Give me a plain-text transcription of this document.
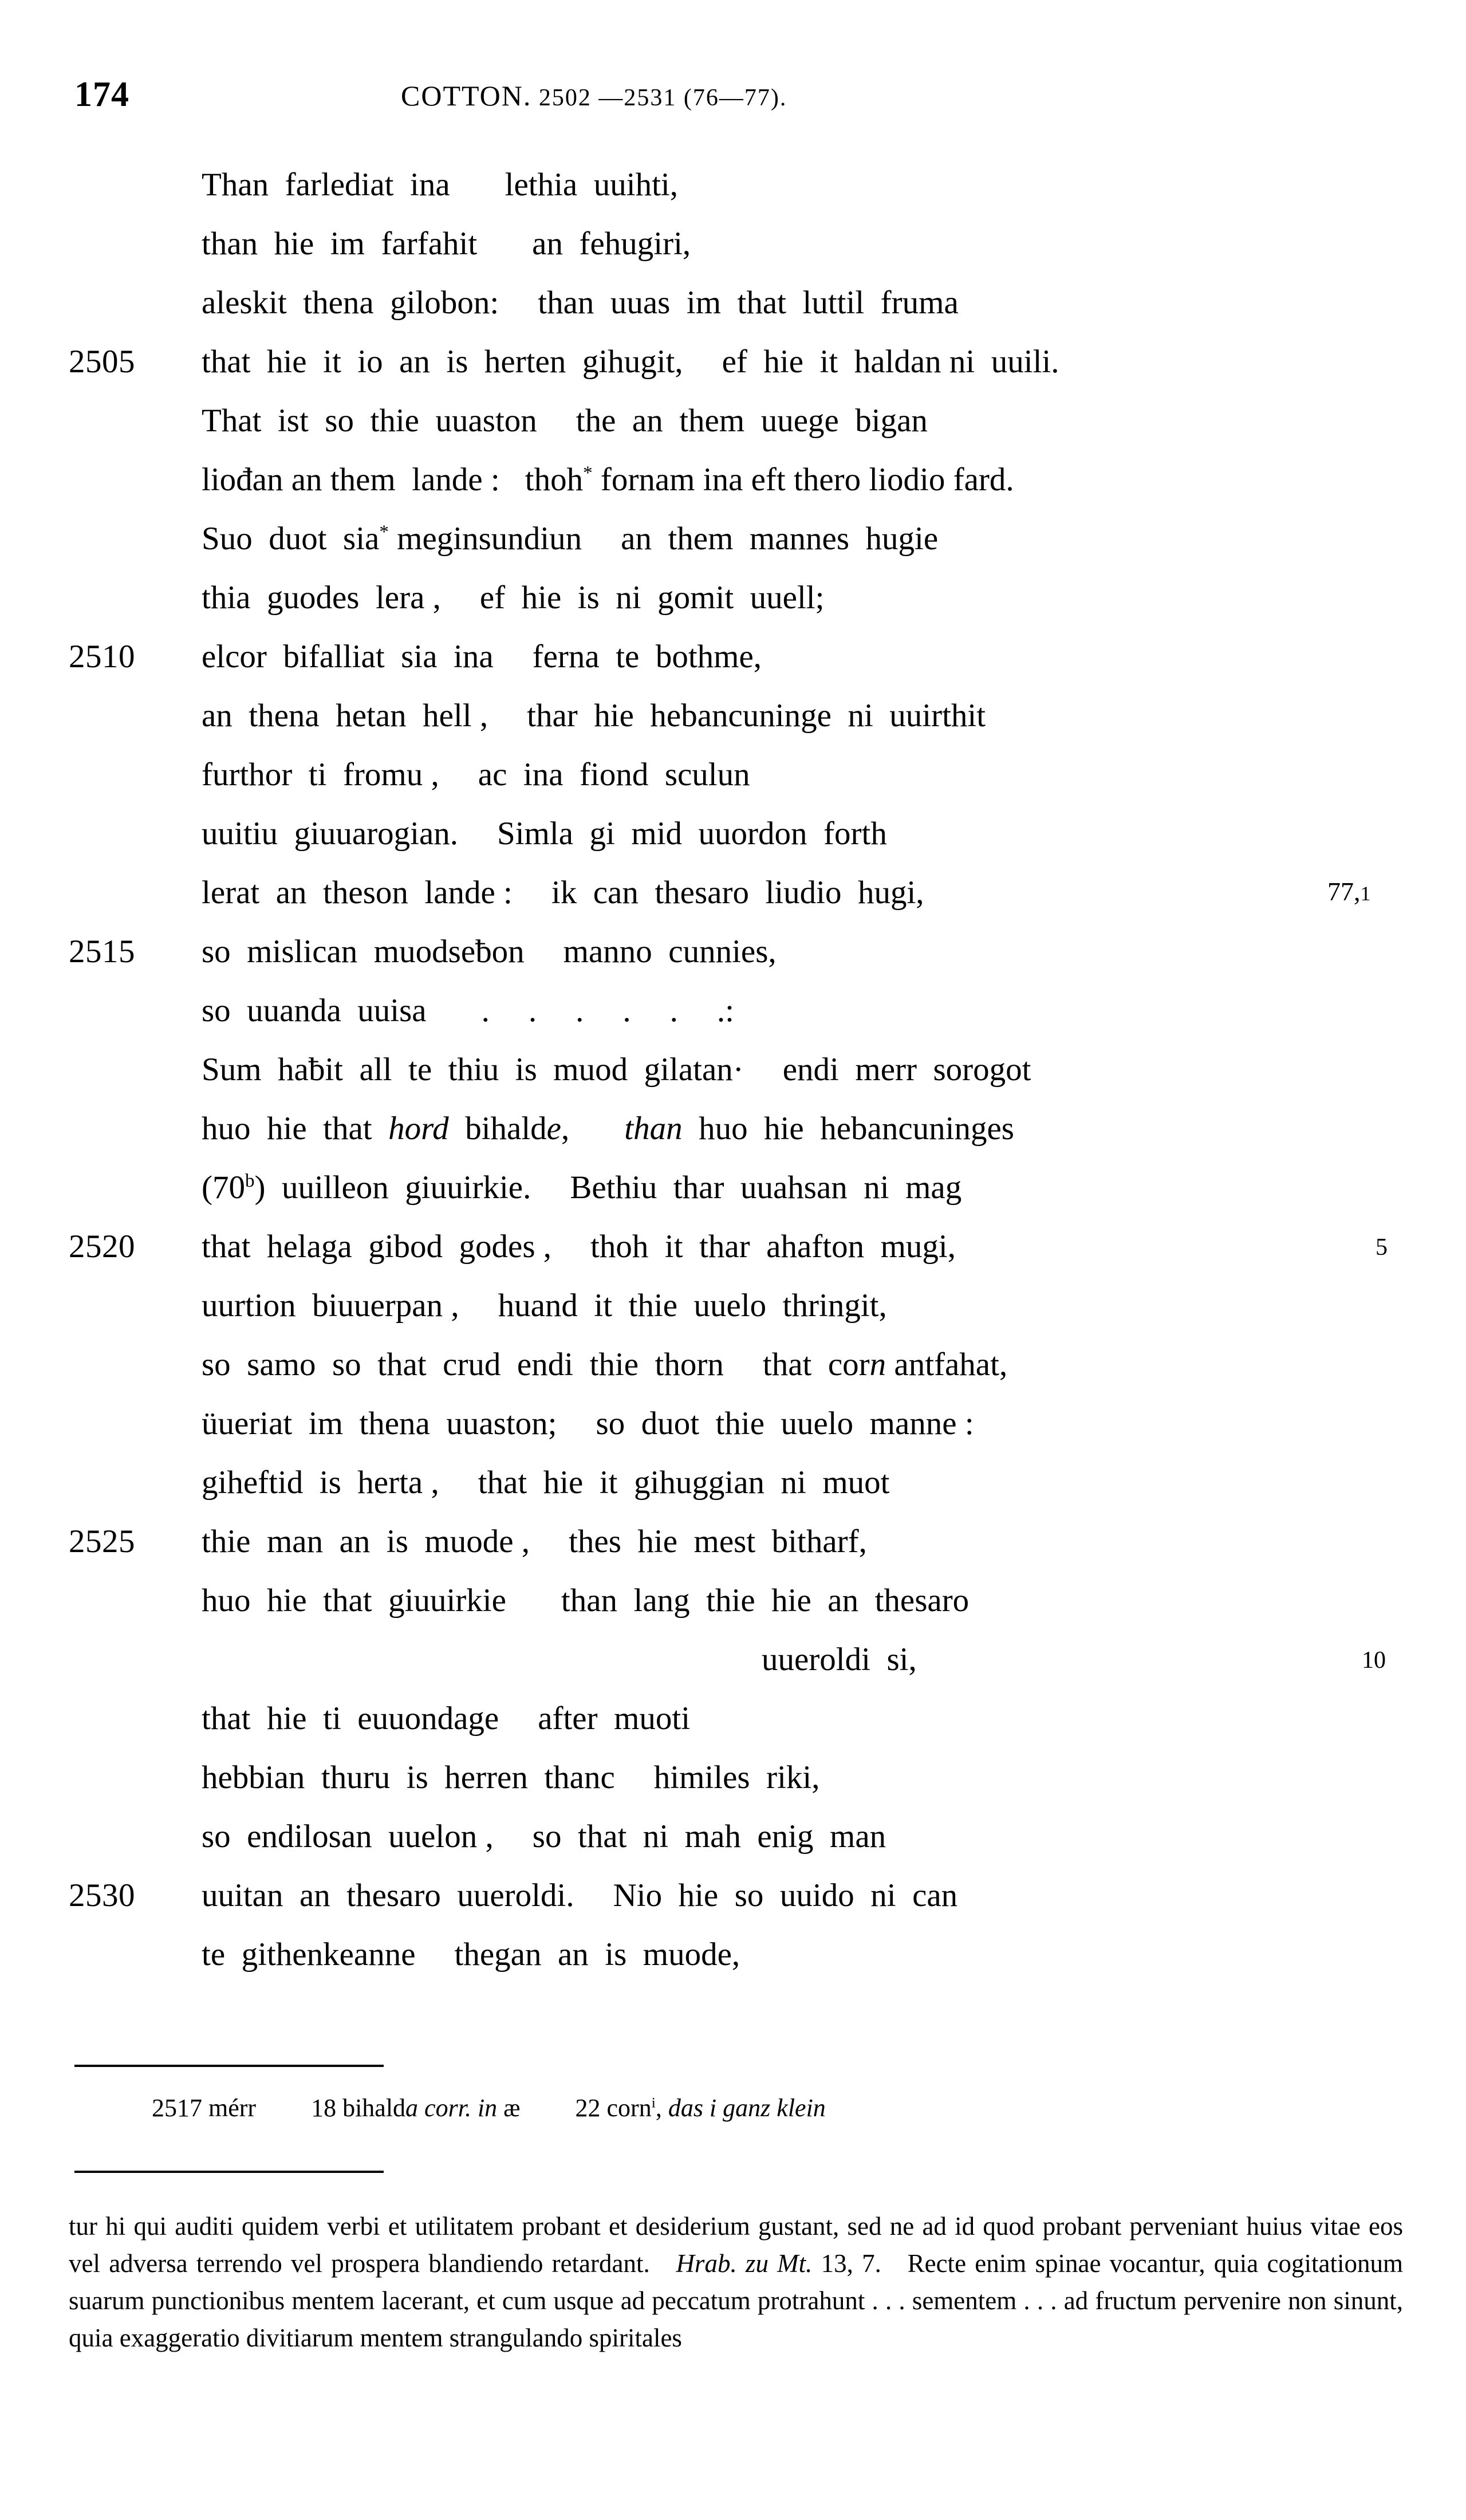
174	COTTON. 2502 —2531 (76—77).
Than  farlediat  ina lethia  uuihti,
than  hie  im  farfahit an  fehugiri,
aleskit  thena  gilobon: than  uuas  im  that  luttil  fruma
2505	that  hie  it  io  an  is  herten  gihugit, ef  hie  it  haldan ni  uuili.
That  ist  so  thie  uuaston the  an  them  uuege  bigan
liođan an them  lande : thoh* fornam ina eft thero liodio fard.
Suo  duot  sia* meginsundiun an  them  mannes  hugie
thia  guodes  lera , ef  hie  is  ni  gomit  uuell;
2510	elcor  bifalliat  sia  ina ferna  te  bothme,
an  thena  hetan  hell , thar  hie  hebancuninge  ni  uuirthit
furthor  ti  fromu , ac  ina  fiond  sculun
uuitiu  giuuarogian. Simla  gi  mid  uuordon  forth
lerat  an  theson  lande : ik  can  thesaro  liudio  hugi,	77,1
2515	so  mislican  muodseƀon manno  cunnies,
so  uuanda  uuisa . . . . . .:
Sum  haƀit  all  te  thiu  is  muod  gilatan· endi  merr  sorogot
huo  hie  that  hord  bihalde, than  huo  hie  hebancuninges
(70$^b$)  uuilleon  giuuirkie. Bethiu  thar  uuahsan  ni  mag
2520	that  helaga  gibod  godes , thoh  it  thar  ahafton  mugi,	5
uurtion  biuuerpan , huand  it  thie  uuelo  thringit,
so  samo  so  that  crud  endi  thie  thorn that  corn antfahat,
üueriat  im  thena  uuaston; so  duot  thie  uuelo  manne :
giheftid  is  herta , that  hie  it  gihuggian  ni  muot
2525	thie  man  an  is  muode , thes  hie  mest  bitharf,
huo  hie  that  giuuirkie than  lang  thie  hie  an  thesaro
uueroldi  si,	10
that  hie  ti  euuondage after  muoti
hebbian  thuru  is  herren  thanc himiles  riki,
so  endilosan  uuelon , so  that  ni  mah  enig  man
2530	uuitan  an  thesaro  uueroldi. Nio  hie  so  uuido  ni  can
te  githenkeanne thegan  an  is  muode,

2517 mérr 18 bihalda corr. in æ 22 corn$^i$, das i ganz klein

tur hi qui auditi quidem verbi et utilitatem probant et desiderium gustant, sed ne ad id quod probant perveniant huius vitae eos vel adversa terrendo vel prospera blandiendo retardant.   Hrab. zu Mt. 13, 7.   Recte enim spinae vocantur, quia cogitationum suarum punctionibus mentem lacerant, et cum usque ad peccatum protrahunt . . . sementem . . . ad fructum pervenire non sinunt, quia exaggeratio divitiarum mentem strangulando spiritales
